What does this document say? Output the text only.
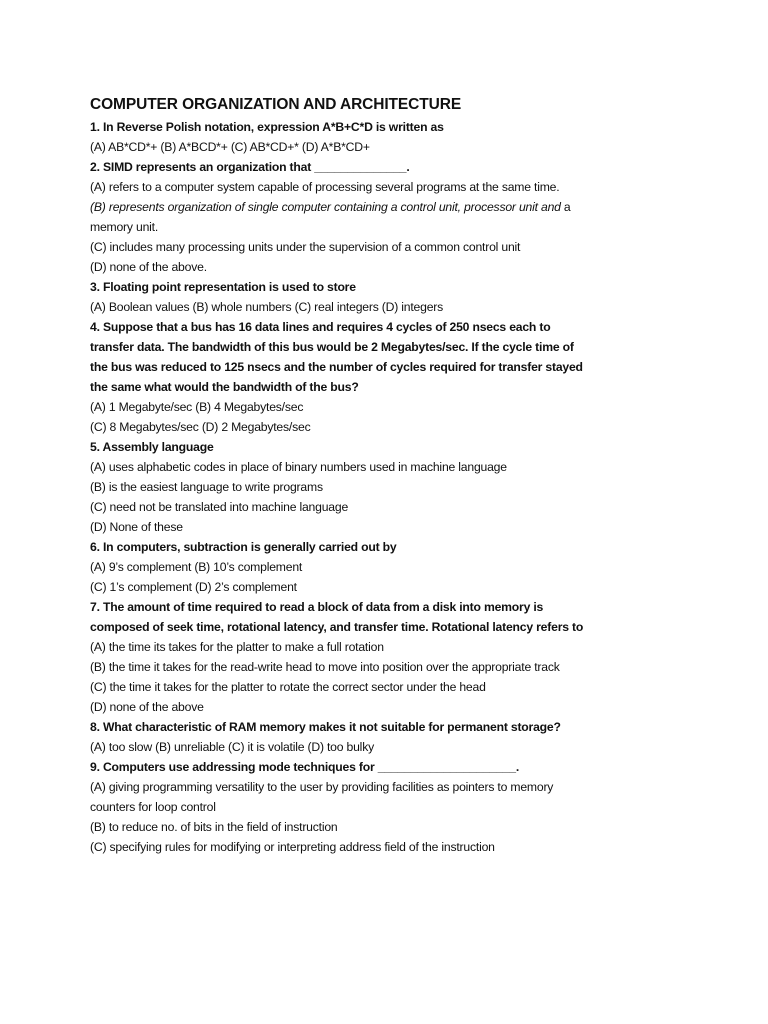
COMPUTER ORGANIZATION AND ARCHITECTURE

1. In Reverse Polish notation, expression A*B+C*D is written as

(A) AB*CD*+ (B) A*BCD*+ (C) AB*CD+* (D) A*B*CD+

2. SIMD represents an organization that ______________.

(A) refers to a computer system capable of processing several programs at the same time.

(B) represents organization of single computer containing a control unit, processor unit and a memory unit.

(C) includes many processing units under the supervision of a common control unit

(D) none of the above.

3. Floating point representation is used to store

(A) Boolean values (B) whole numbers (C) real integers (D) integers

4. Suppose that a bus has 16 data lines and requires 4 cycles of 250 nsecs each to transfer data. The bandwidth of this bus would be 2 Megabytes/sec. If the cycle time of the bus was reduced to 125 nsecs and the number of cycles required for transfer stayed the same what would the bandwidth of the bus?

(A) 1 Megabyte/sec (B) 4 Megabytes/sec

(C) 8 Megabytes/sec (D) 2 Megabytes/sec

5. Assembly language

(A) uses alphabetic codes in place of binary numbers used in machine language

(B) is the easiest language to write programs

(C) need not be translated into machine language

(D) None of these

6. In computers, subtraction is generally carried out by

(A) 9’s complement (B) 10’s complement

(C) 1’s complement (D) 2’s complement

7. The amount of time required to read a block of data from a disk into memory is composed of seek time, rotational latency, and transfer time. Rotational latency refers to

(A) the time its takes for the platter to make a full rotation

(B) the time it takes for the read-write head to move into position over the appropriate track

(C) the time it takes for the platter to rotate the correct sector under the head

(D) none of the above

8. What characteristic of RAM memory makes it not suitable for permanent storage?

(A) too slow (B) unreliable (C) it is volatile (D) too bulky

9. Computers use addressing mode techniques for _____________________.

(A) giving programming versatility to the user by providing facilities as pointers to memory counters for loop control

(B) to reduce no. of bits in the field of instruction

(C) specifying rules for modifying or interpreting address field of the instruction
